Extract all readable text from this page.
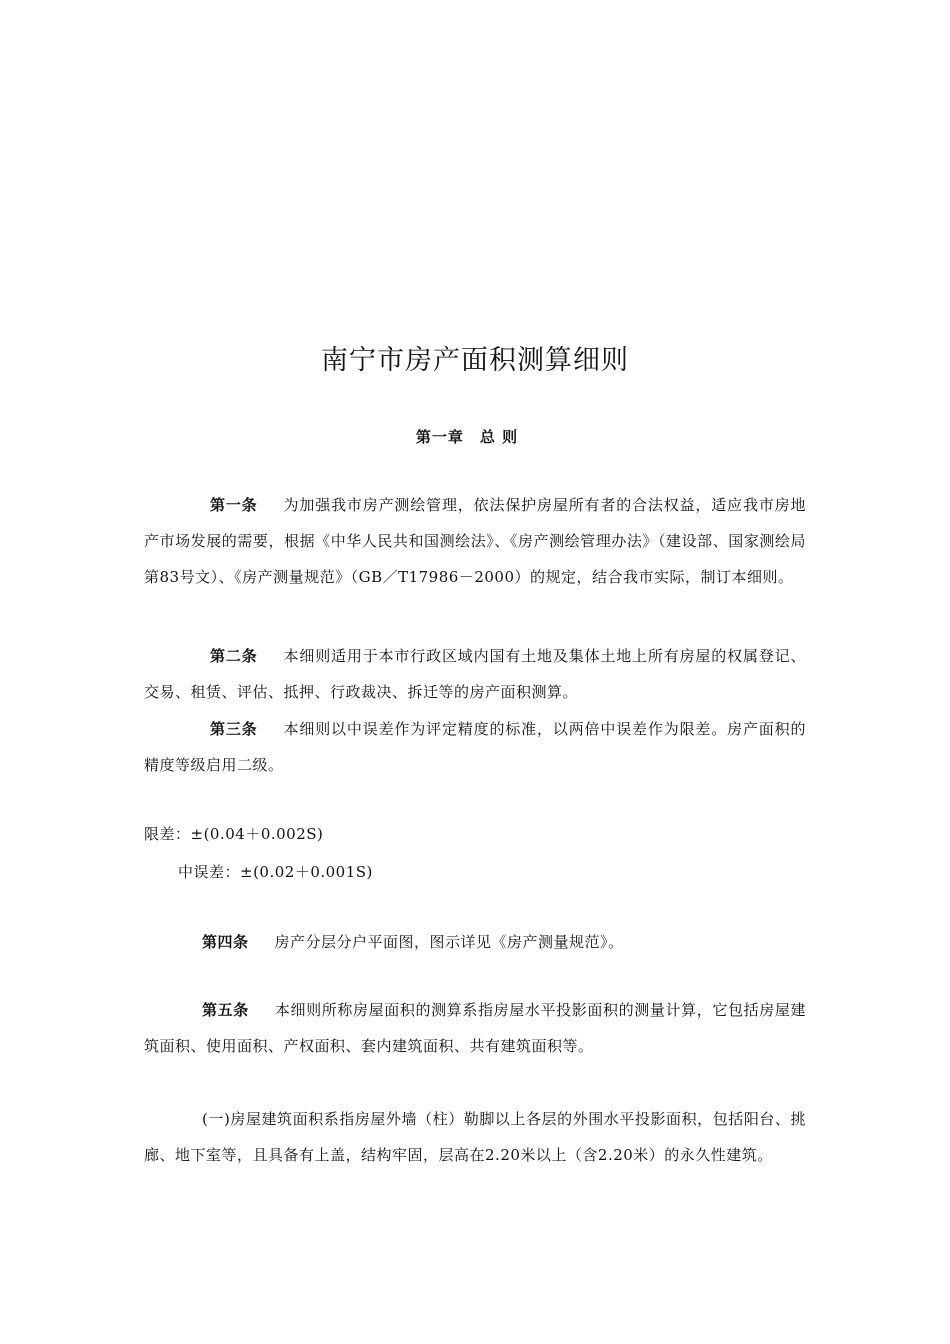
南宁市房产面积测算细则
第一章 总 则

第一条 为加强我市房产测绘管理，依法保护房屋所有者的合法权益，适应我市房地产市场发展的需要，根据《中华人民共和国测绘法》、《房产测绘管理办法》（建设部、国家测绘局第83号文）、《房产测量规范》（GB／T17986－2000）的规定，结合我市实际，制订本细则。

第二条 本细则适用于本市行政区域内国有土地及集体土地上所有房屋的权属登记、交易、租赁、评估、抵押、行政裁决、拆迁等的房产面积测算。

第三条 本细则以中误差作为评定精度的标准，以两倍中误差作为限差。房产面积的精度等级启用二级。

限差：±(0.04＋0.002S)
中误差：±(0.02＋0.001S)

第四条 房产分层分户平面图，图示详见《房产测量规范》。

第五条 本细则所称房屋面积的测算系指房屋水平投影面积的测量计算，它包括房屋建筑面积、使用面积、产权面积、套内建筑面积、共有建筑面积等。

(一)房屋建筑面积系指房屋外墙（柱）勒脚以上各层的外围水平投影面积，包括阳台、挑廊、地下室等，且具备有上盖，结构牢固，层高在2.20米以上（含2.20米）的永久性建筑。
